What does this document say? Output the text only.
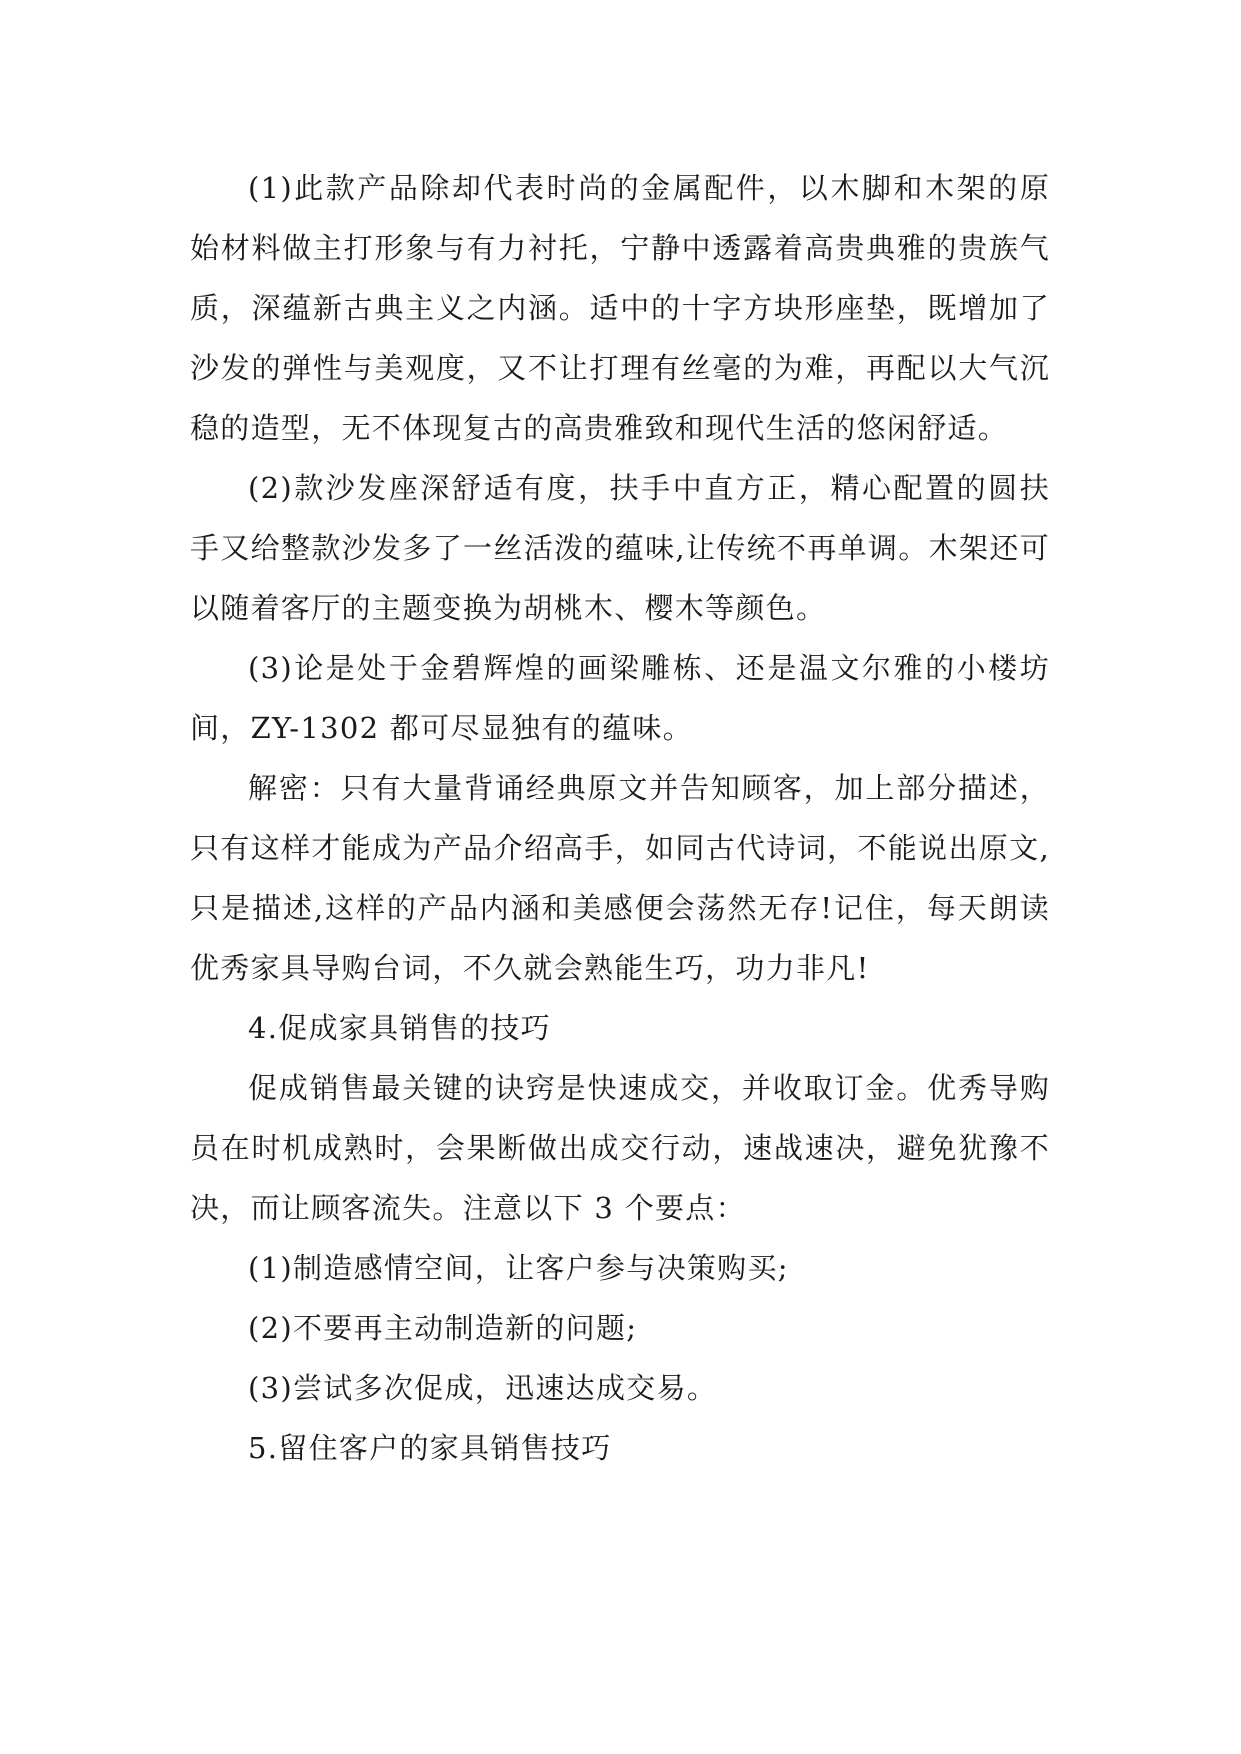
(1)此款产品除却代表时尚的金属配件，以木脚和木架的原始材料做主打形象与有力衬托，宁静中透露着高贵典雅的贵族气质，深蕴新古典主义之内涵。适中的十字方块形座垫，既增加了沙发的弹性与美观度，又不让打理有丝毫的为难，再配以大气沉稳的造型，无不体现复古的高贵雅致和现代生活的悠闲舒适。

(2)款沙发座深舒适有度，扶手中直方正，精心配置的圆扶手又给整款沙发多了一丝活泼的蕴味,让传统不再单调。木架还可以随着客厅的主题变换为胡桃木、樱木等颜色。

(3)论是处于金碧辉煌的画梁雕栋、还是温文尔雅的小楼坊间，ZY-1302 都可尽显独有的蕴味。

解密：只有大量背诵经典原文并告知顾客，加上部分描述，只有这样才能成为产品介绍高手，如同古代诗词，不能说出原文,只是描述,这样的产品内涵和美感便会荡然无存!记住，每天朗读优秀家具导购台词，不久就会熟能生巧，功力非凡!

4.促成家具销售的技巧

促成销售最关键的诀窍是快速成交，并收取订金。优秀导购员在时机成熟时，会果断做出成交行动，速战速决，避免犹豫不决，而让顾客流失。注意以下 3 个要点：

(1)制造感情空间，让客户参与决策购买;

(2)不要再主动制造新的问题;

(3)尝试多次促成，迅速达成交易。

5.留住客户的家具销售技巧
